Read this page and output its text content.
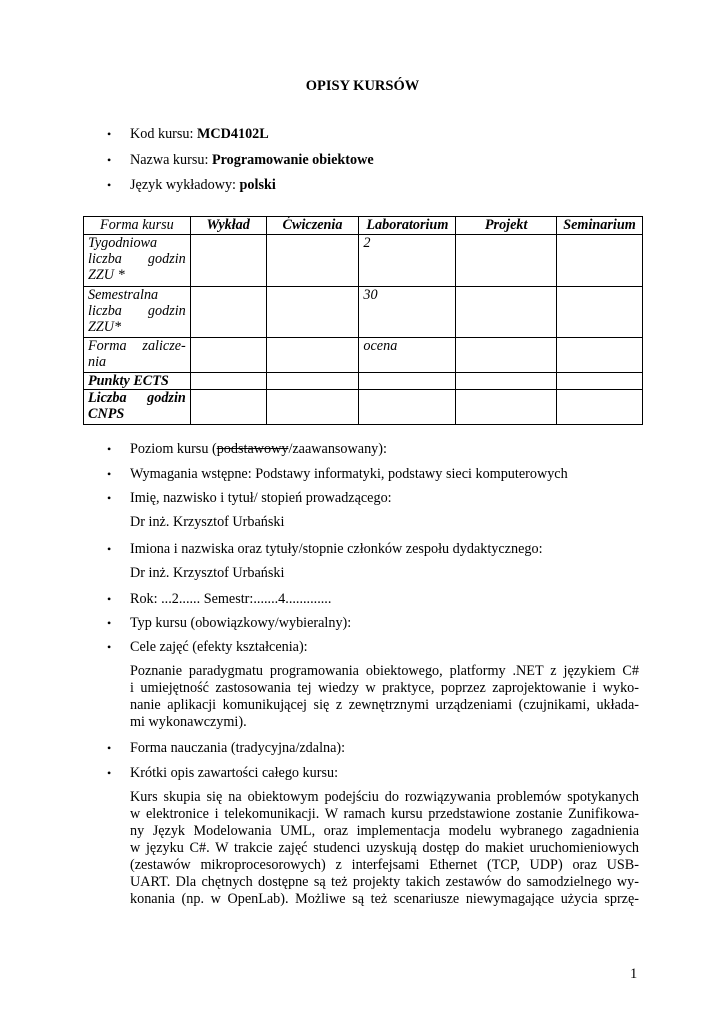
OPISY KURSÓW
• Kod kursu: MCD4102L
• Nazwa kursu: Programowanie obiektowe
• Język wykładowy: polski
Forma kursu	Wykład	Ćwiczenia	Laboratorium	Projekt	Seminarium
Tygodniowa liczba godzin ZZU *			2		
Semestralna liczba godzin ZZU*			30		
Forma zalicze-nia			ocena		
Punkty ECTS					
Liczba godzin CNPS					
• Poziom kursu (podstawowy/zaawansowany):
• Wymagania wstępne: Podstawy informatyki, podstawy sieci komputerowych
• Imię, nazwisko i tytuł/ stopień prowadzącego:
Dr inż. Krzysztof Urbański
• Imiona i nazwiska oraz tytuły/stopnie członków zespołu dydaktycznego:
Dr inż. Krzysztof Urbański
• Rok: ...2...... Semestr:.......4.............
• Typ kursu (obowiązkowy/wybieralny):
• Cele zajęć (efekty kształcenia):
Poznanie paradygmatu programowania obiektowego, platformy .NET z językiem C#
i umiejętność zastosowania tej wiedzy w praktyce, poprzez zaprojektowanie i wyko-
nanie aplikacji komunikującej się z zewnętrznymi urządzeniami (czujnikami, układa-
mi wykonawczymi).
• Forma nauczania (tradycyjna/zdalna):
• Krótki opis zawartości całego kursu:
Kurs skupia się na obiektowym podejściu do rozwiązywania problemów spotykanych
w elektronice i telekomunikacji. W ramach kursu przedstawione zostanie Zunifikowa-
ny Język Modelowania UML, oraz implementacja modelu wybranego zagadnienia
w języku C#. W trakcie zajęć studenci uzyskują dostęp do makiet uruchomieniowych
(zestawów mikroprocesorowych) z interfejsami Ethernet (TCP, UDP) oraz USB-
UART. Dla chętnych dostępne są też projekty takich zestawów do samodzielnego wy-
konania (np. w OpenLab). Możliwe są też scenariusze niewymagające użycia sprzę-
1
